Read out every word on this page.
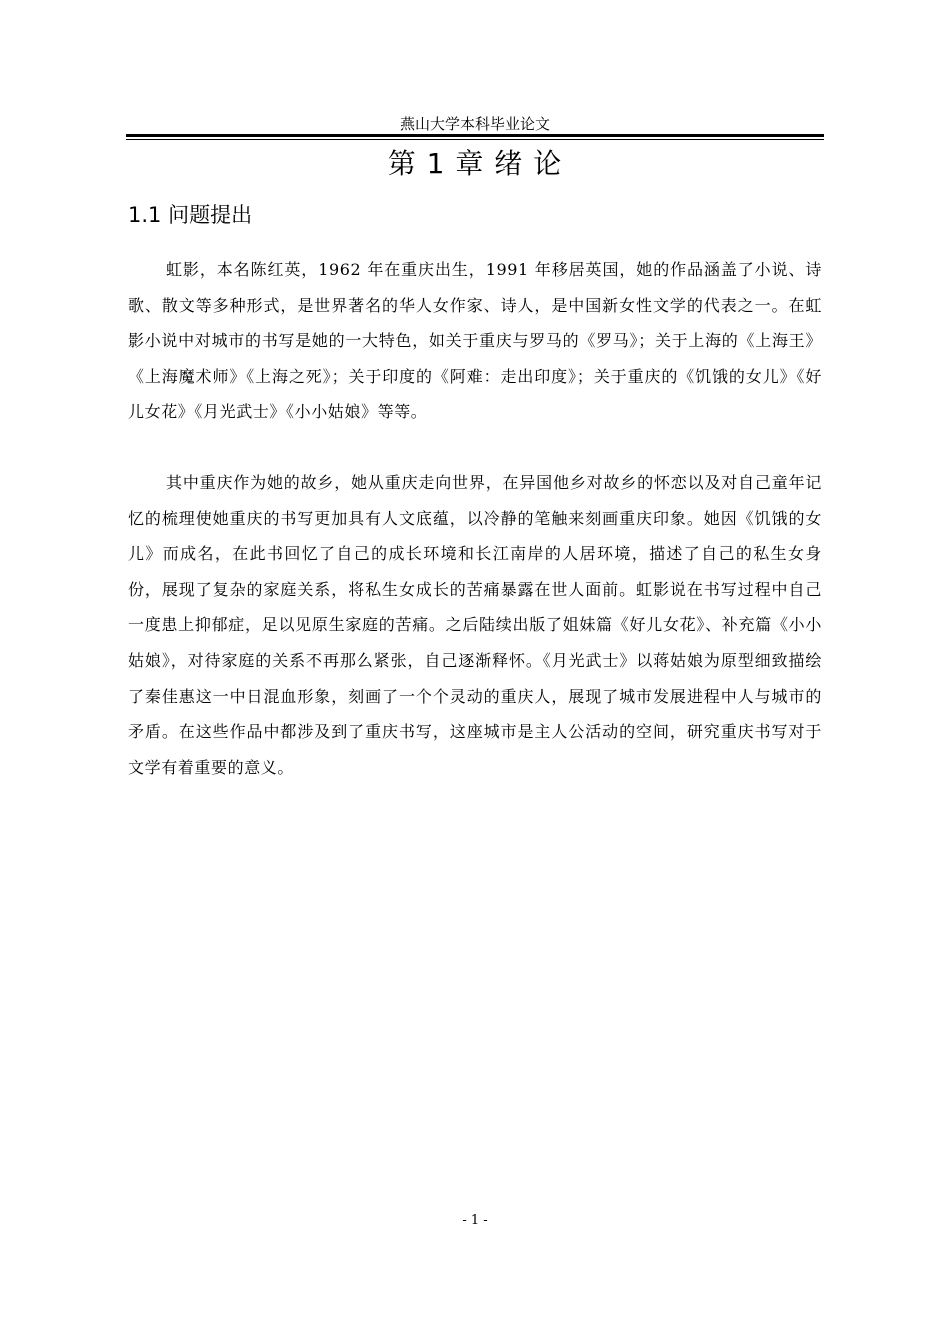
燕山大学本科毕业论文
第 1 章 绪 论
1.1 问题提出

虹影，本名陈红英，1962 年在重庆出生，1991 年移居英国，她的作品涵盖了小说、诗歌、散文等多种形式，是世界著名的华人女作家、诗人，是中国新女性文学的代表之一。在虹影小说中对城市的书写是她的一大特色，如关于重庆与罗马的《罗马》；关于上海的《上海王》《上海魔术师》《上海之死》；关于印度的《阿难：走出印度》；关于重庆的《饥饿的女儿》《好儿女花》《月光武士》《小小姑娘》等等。

其中重庆作为她的故乡，她从重庆走向世界，在异国他乡对故乡的怀恋以及对自己童年记忆的梳理使她重庆的书写更加具有人文底蕴，以冷静的笔触来刻画重庆印象。她因《饥饿的女儿》而成名，在此书回忆了自己的成长环境和长江南岸的人居环境，描述了自己的私生女身份，展现了复杂的家庭关系，将私生女成长的苦痛暴露在世人面前。虹影说在书写过程中自己一度患上抑郁症，足以见原生家庭的苦痛。之后陆续出版了姐妹篇《好儿女花》、补充篇《小小姑娘》，对待家庭的关系不再那么紧张，自己逐渐释怀。《月光武士》以蒋姑娘为原型细致描绘了秦佳惠这一中日混血形象，刻画了一个个灵动的重庆人，展现了城市发展进程中人与城市的矛盾。在这些作品中都涉及到了重庆书写，这座城市是主人公活动的空间，研究重庆书写对于文学有着重要的意义。

- 1 -
